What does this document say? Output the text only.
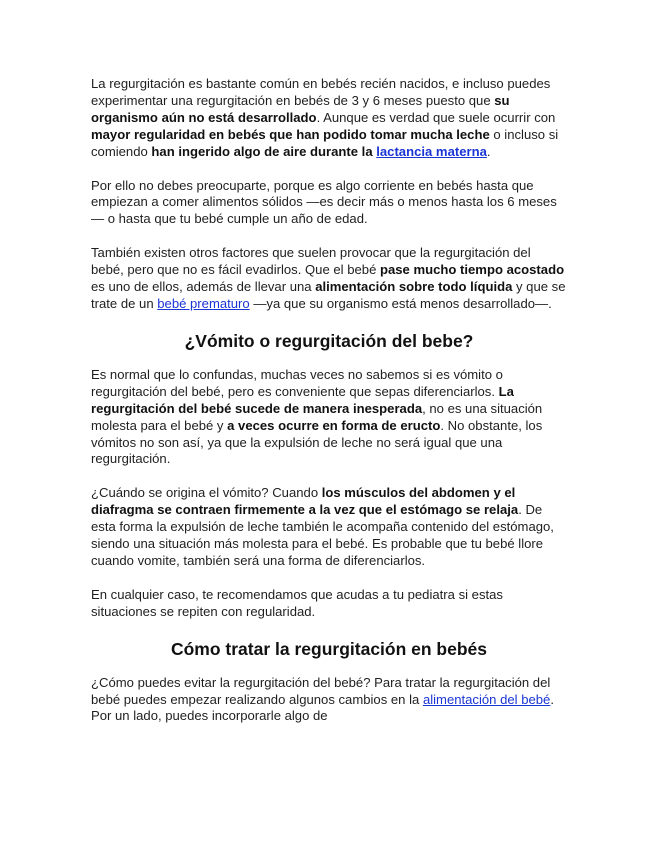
La regurgitación es bastante común en bebés recién nacidos, e incluso puedes experimentar una regurgitación en bebés de 3 y 6 meses puesto que su organismo aún no está desarrollado. Aunque es verdad que suele ocurrir con mayor regularidad en bebés que han podido tomar mucha leche o incluso si comiendo han ingerido algo de aire durante la lactancia materna.

Por ello no debes preocuparte, porque es algo corriente en bebés hasta que empiezan a comer alimentos sólidos —es decir más o menos hasta los 6 meses— o hasta que tu bebé cumple un año de edad.

También existen otros factores que suelen provocar que la regurgitación del bebé, pero que no es fácil evadirlos. Que el bebé pase mucho tiempo acostado es uno de ellos, además de llevar una alimentación sobre todo líquida y que se trate de un bebé prematuro —ya que su organismo está menos desarrollado—.

¿Vómito o regurgitación del bebe?

Es normal que lo confundas, muchas veces no sabemos si es vómito o regurgitación del bebé, pero es conveniente que sepas diferenciarlos. La regurgitación del bebé sucede de manera inesperada, no es una situación molesta para el bebé y a veces ocurre en forma de eructo. No obstante, los vómitos no son así, ya que la expulsión de leche no será igual que una regurgitación.

¿Cuándo se origina el vómito? Cuando los músculos del abdomen y el diafragma se contraen firmemente a la vez que el estómago se relaja. De esta forma la expulsión de leche también le acompaña contenido del estómago, siendo una situación más molesta para el bebé. Es probable que tu bebé llore cuando vomite, también será una forma de diferenciarlos.

En cualquier caso, te recomendamos que acudas a tu pediatra si estas situaciones se repiten con regularidad.

Cómo tratar la regurgitación en bebés

¿Cómo puedes evitar la regurgitación del bebé? Para tratar la regurgitación del bebé puedes empezar realizando algunos cambios en la alimentación del bebé. Por un lado, puedes incorporarle algo de
